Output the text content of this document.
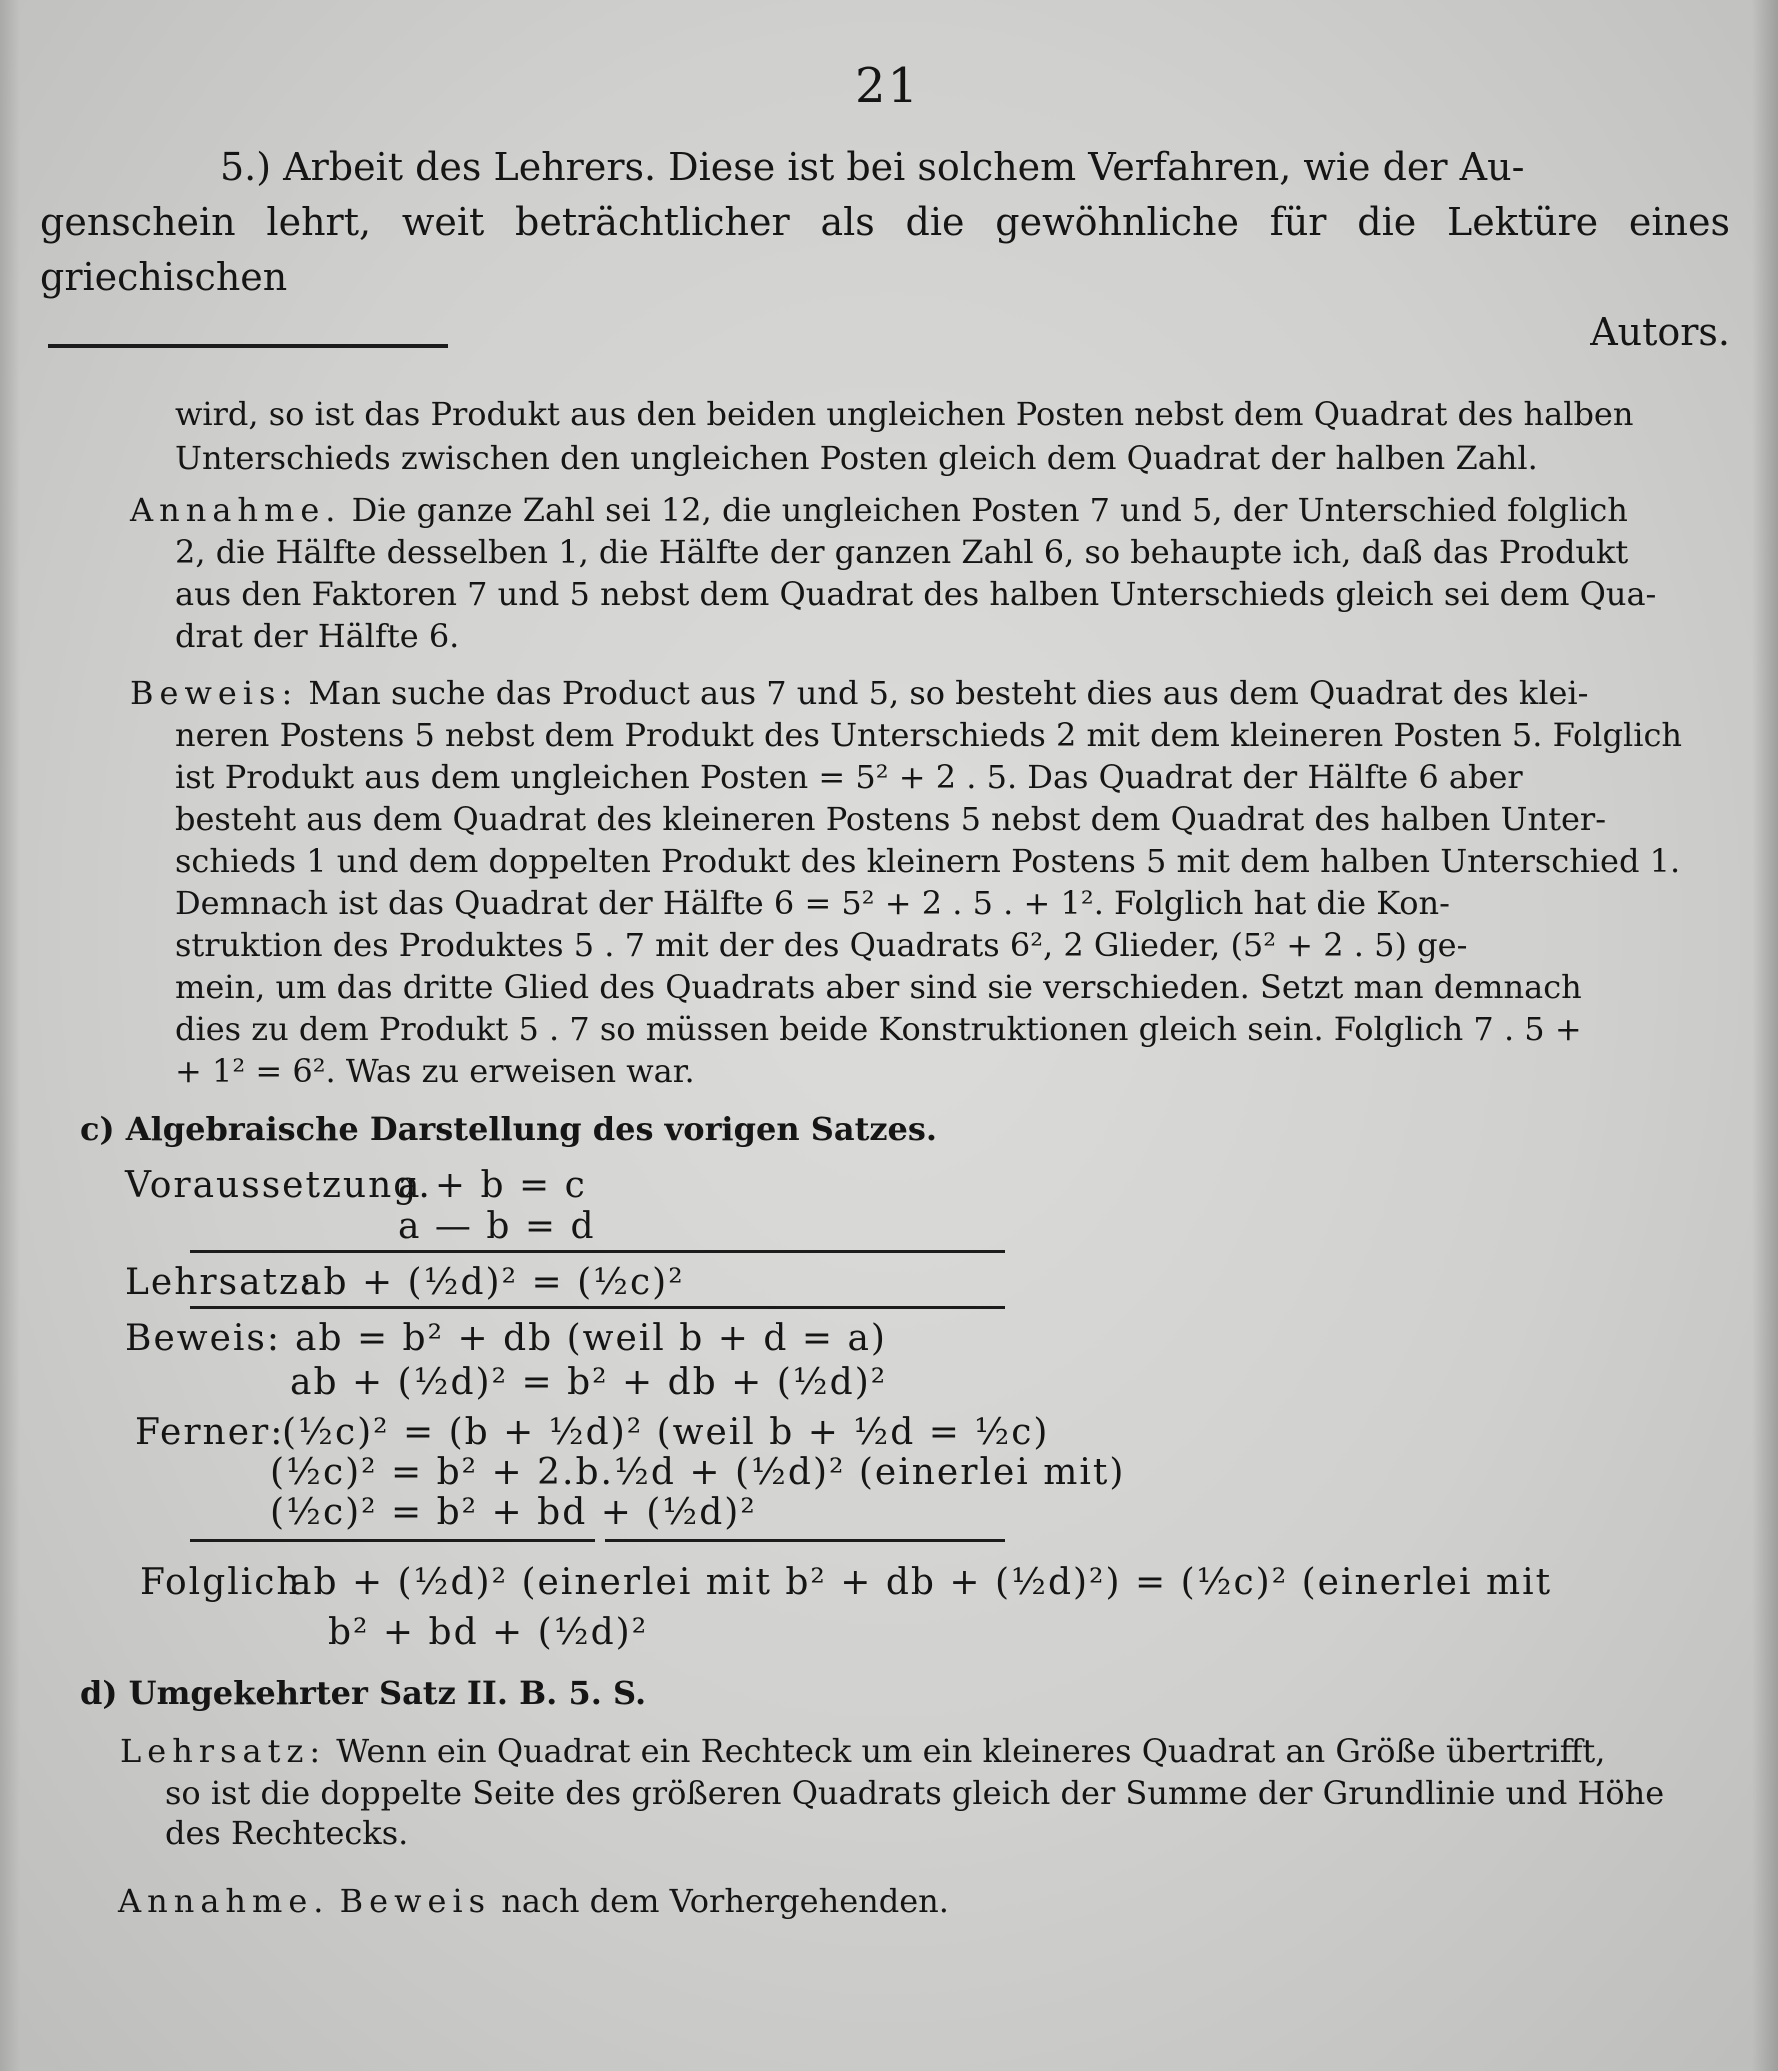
21
5.) Arbeit des Lehrers. Diese ist bei solchem Verfahren, wie der Au-
genschein lehrt, weit beträchtlicher als die gewöhnliche für die Lektüre eines griechischen
Autors.
wird, so ist das Produkt aus den beiden ungleichen Posten nebst dem Quadrat des halben
Unterschieds zwischen den ungleichen Posten gleich dem Quadrat der halben Zahl.
Annahme. Die ganze Zahl sei 12, die ungleichen Posten 7 und 5, der Unterschied folglich
2, die Hälfte desselben 1, die Hälfte der ganzen Zahl 6, so behaupte ich, daß das Produkt
aus den Faktoren 7 und 5 nebst dem Quadrat des halben Unterschieds gleich sei dem Qua-
drat der Hälfte 6.
Beweis: Man suche das Product aus 7 und 5, so besteht dies aus dem Quadrat des klei-
neren Postens 5 nebst dem Produkt des Unterschieds 2 mit dem kleineren Posten 5. Folglich
ist Produkt aus dem ungleichen Posten = 5² + 2 . 5. Das Quadrat der Hälfte 6 aber
besteht aus dem Quadrat des kleineren Postens 5 nebst dem Quadrat des halben Unter-
schieds 1 und dem doppelten Produkt des kleinern Postens 5 mit dem halben Unterschied 1.
Demnach ist das Quadrat der Hälfte 6 = 5² + 2 . 5 . + 1². Folglich hat die Kon-
struktion des Produktes 5 . 7 mit der des Quadrats 6², 2 Glieder, (5² + 2 . 5) ge-
mein, um das dritte Glied des Quadrats aber sind sie verschieden. Setzt man demnach
dies zu dem Produkt 5 . 7 so müssen beide Konstruktionen gleich sein. Folglich 7 . 5 +
+ 1² = 6². Was zu erweisen war.
c) Algebraische Darstellung des vorigen Satzes.
Voraussetzung.
a + b = c
a — b = d
Lehrsatz:
ab + (½d)² = (½c)²
Beweis: ab = b² + db (weil b + d = a)
ab + (½d)² = b² + db + (½d)²
Ferner:
(½c)² = (b + ½d)² (weil b + ½d = ½c)
(½c)² = b² + 2.b.½d + (½d)² (einerlei mit)
(½c)² = b² + bd + (½d)²
Folglich
ab + (½d)² (einerlei mit b² + db + (½d)²) = (½c)² (einerlei mit
b² + bd + (½d)²
d) Umgekehrter Satz II. B. 5. S.
Lehrsatz: Wenn ein Quadrat ein Rechteck um ein kleineres Quadrat an Größe übertrifft,
so ist die doppelte Seite des größeren Quadrats gleich der Summe der Grundlinie und Höhe
des Rechtecks.
Annahme. Beweis nach dem Vorhergehenden.
